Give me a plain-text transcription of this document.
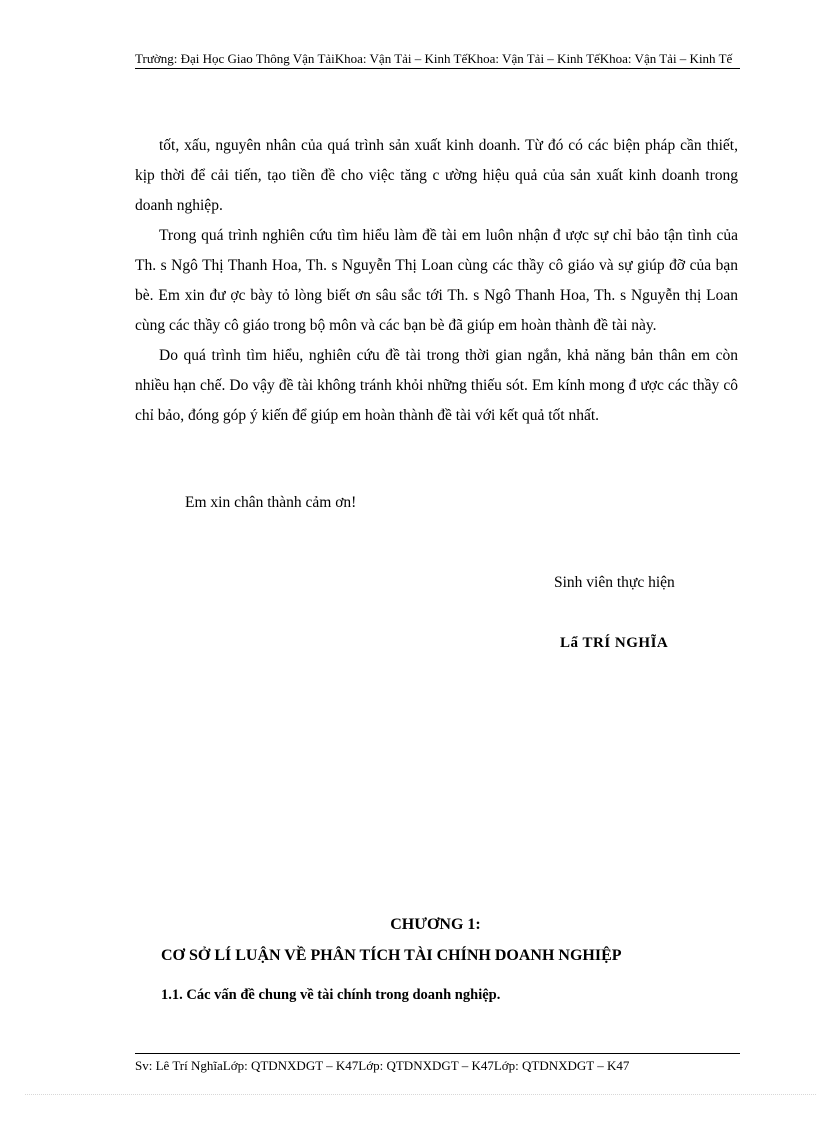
Trường: Đại Học Giao Thông Vận TảiKhoa: Vận Tải – Kinh TếKhoa: Vận Tải – Kinh TếKhoa: Vận Tải – Kinh Tế

tốt, xấu, nguyên nhân của quá trình sản xuất kinh doanh. Từ đó có các biện pháp cần thiết, kịp thời để cải tiến, tạo tiền đề cho việc tăng c ường hiệu quả của sản xuất kinh doanh trong doanh nghiệp.

Trong quá trình nghiên cứu tìm hiểu làm đề tài em luôn nhận đ ược sự chỉ bảo tận tình của Th. s Ngô Thị Thanh Hoa, Th. s Nguyễn Thị Loan cùng các thầy cô giáo và sự giúp đỡ của bạn bè. Em xin đư ợc bày tỏ lòng biết ơn sâu sắc tới Th. s Ngô Thanh Hoa, Th. s Nguyễn thị Loan cùng các thầy cô giáo trong bộ môn và các bạn bè đã giúp em hoàn thành đề tài này.

Do quá trình tìm hiểu, nghiên cứu đề tài trong thời gian ngắn, khả năng bản thân em còn nhiều hạn chế. Do vậy đề tài không tránh khỏi những thiếu sót. Em kính mong đ ược các thầy cô chỉ bảo, đóng góp ý kiến để giúp em hoàn thành đề tài với kết quả tốt nhất.

Em xin chân thành cảm ơn!
Sinh viên thực hiện
Lẩ TRÍ NGHĨA
CHƯƠNG 1:
CƠ SỞ LÍ LUẬN VỀ PHÂN TÍCH TÀI CHÍNH DOANH NGHIỆP
1.1. Các vấn đề chung về tài chính trong doanh nghiệp.
Sv: Lê Trí NghĩaLớp: QTDNXDGT – K47Lớp: QTDNXDGT – K47Lớp: QTDNXDGT – K47
